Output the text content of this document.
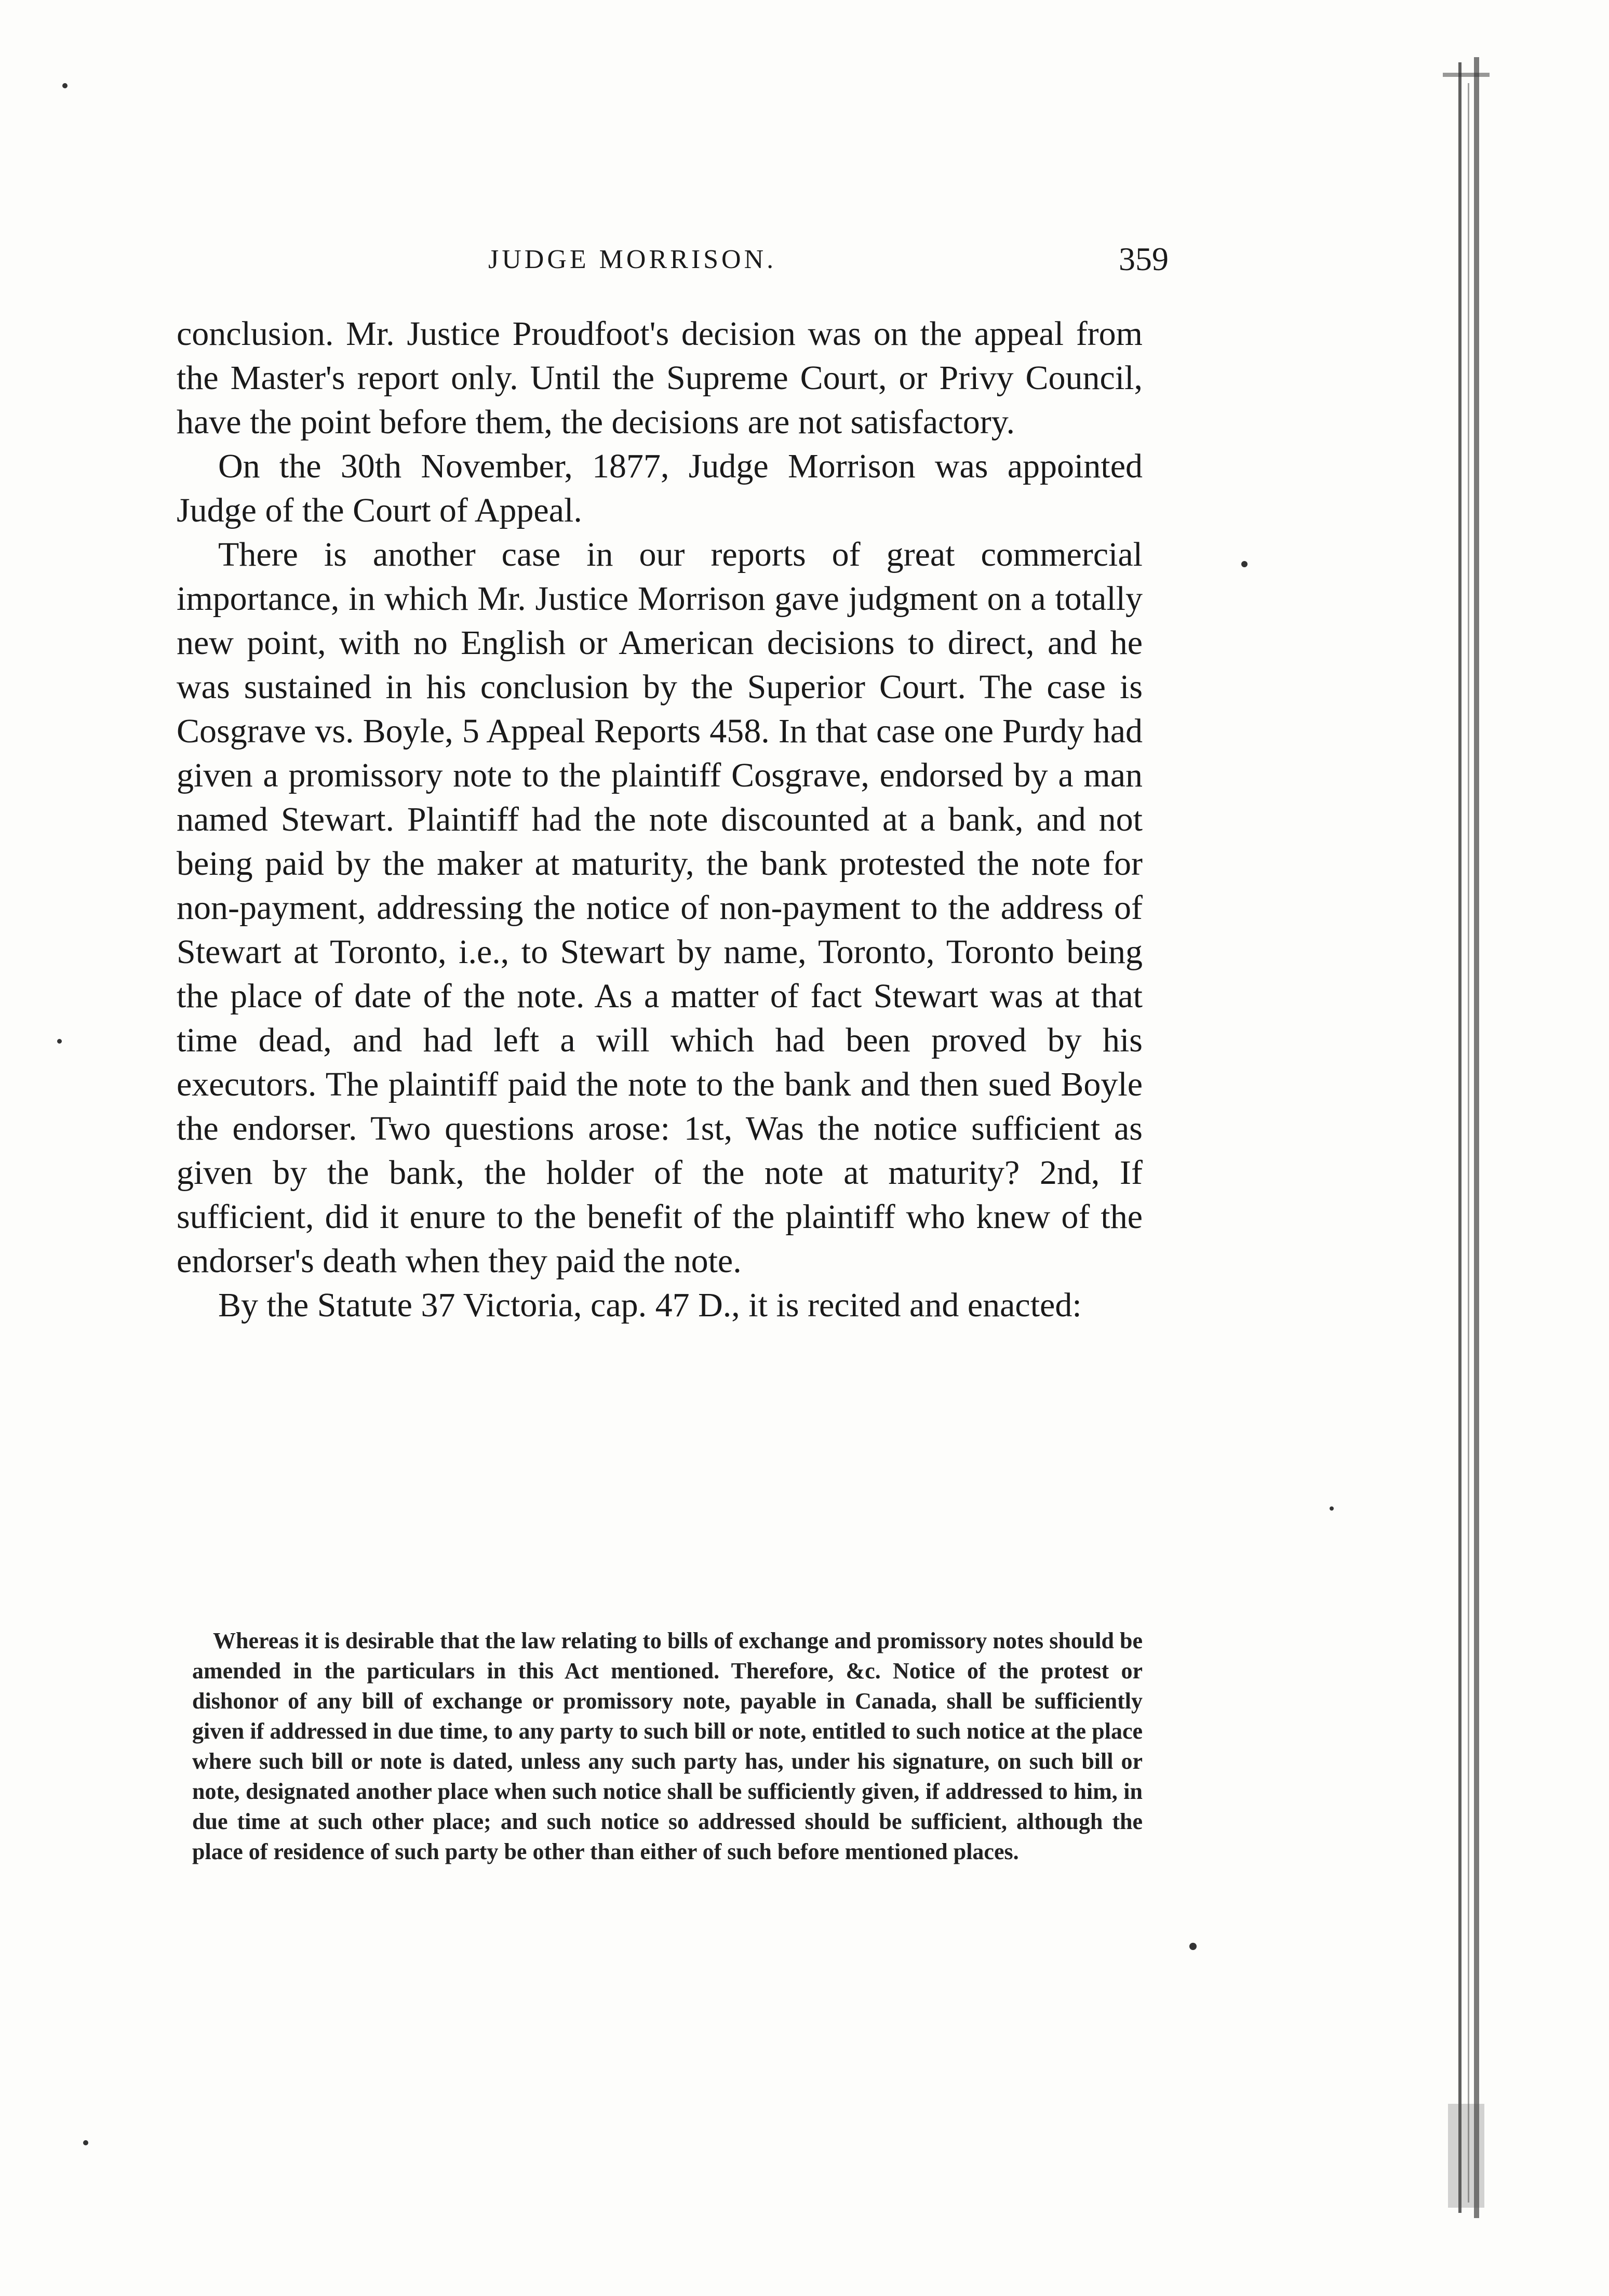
JUDGE MORRISON.	359

conclusion. Mr. Justice Proudfoot's decision was on the appeal from the Master's report only. Until the Supreme Court, or Privy Council, have the point before them, the decisions are not satisfactory.

On the 30th November, 1877, Judge Morrison was appointed Judge of the Court of Appeal.

There is another case in our reports of great commercial importance, in which Mr. Justice Morrison gave judgment on a totally new point, with no English or American decisions to direct, and he was sustained in his conclusion by the Superior Court. The case is Cosgrave vs. Boyle, 5 Appeal Reports 458. In that case one Purdy had given a promissory note to the plaintiff Cosgrave, endorsed by a man named Stewart. Plaintiff had the note discounted at a bank, and not being paid by the maker at maturity, the bank protested the note for non-payment, addressing the notice of non-payment to the address of Stewart at Toronto, i.e., to Stewart by name, Toronto, Toronto being the place of date of the note. As a matter of fact Stewart was at that time dead, and had left a will which had been proved by his executors. The plaintiff paid the note to the bank and then sued Boyle the endorser. Two questions arose: 1st, Was the notice sufficient as given by the bank, the holder of the note at maturity? 2nd, If sufficient, did it enure to the benefit of the plaintiff who knew of the endorser's death when they paid the note.

By the Statute 37 Victoria, cap. 47 D., it is recited and enacted:

Whereas it is desirable that the law relating to bills of exchange and promissory notes should be amended in the particulars in this Act mentioned. Therefore, &c. Notice of the protest or dishonor of any bill of exchange or promissory note, payable in Canada, shall be sufficiently given if addressed in due time, to any party to such bill or note, entitled to such notice at the place where such bill or note is dated, unless any such party has, under his signature, on such bill or note, designated another place when such notice shall be sufficiently given, if addressed to him, in due time at such other place; and such notice so addressed should be sufficient, although the place of residence of such party be other than either of such before mentioned places.
